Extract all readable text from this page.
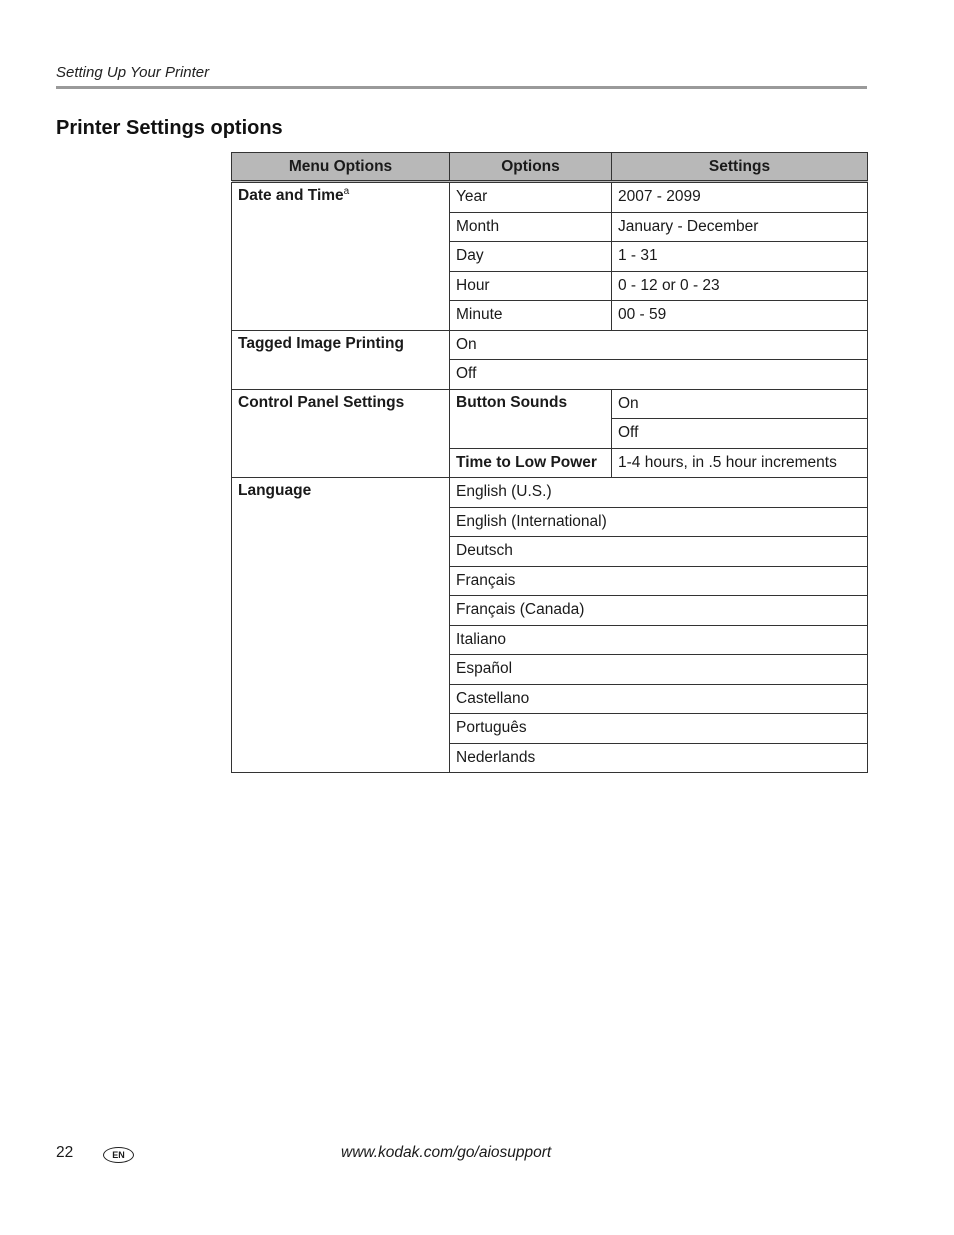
Setting Up Your Printer
Printer Settings options
Menu Options	Options	Settings
Date and Time$^a$	Year	2007 - 2099
	Month	January - December
	Day	1 - 31
	Hour	0 - 12 or 0 - 23
	Minute	00 - 59
Tagged Image Printing	On	
	Off	
Control Panel Settings	Button Sounds	On
		Off
	Time to Low Power	1-4 hours, in .5 hour increments
Language	English (U.S.)	
	English (International)	
	Deutsch	
	Français	
	Français (Canada)	
	Italiano	
	Español	
	Castellano	
	Português	
	Nederlands	
22	EN	www.kodak.com/go/aiosupport
